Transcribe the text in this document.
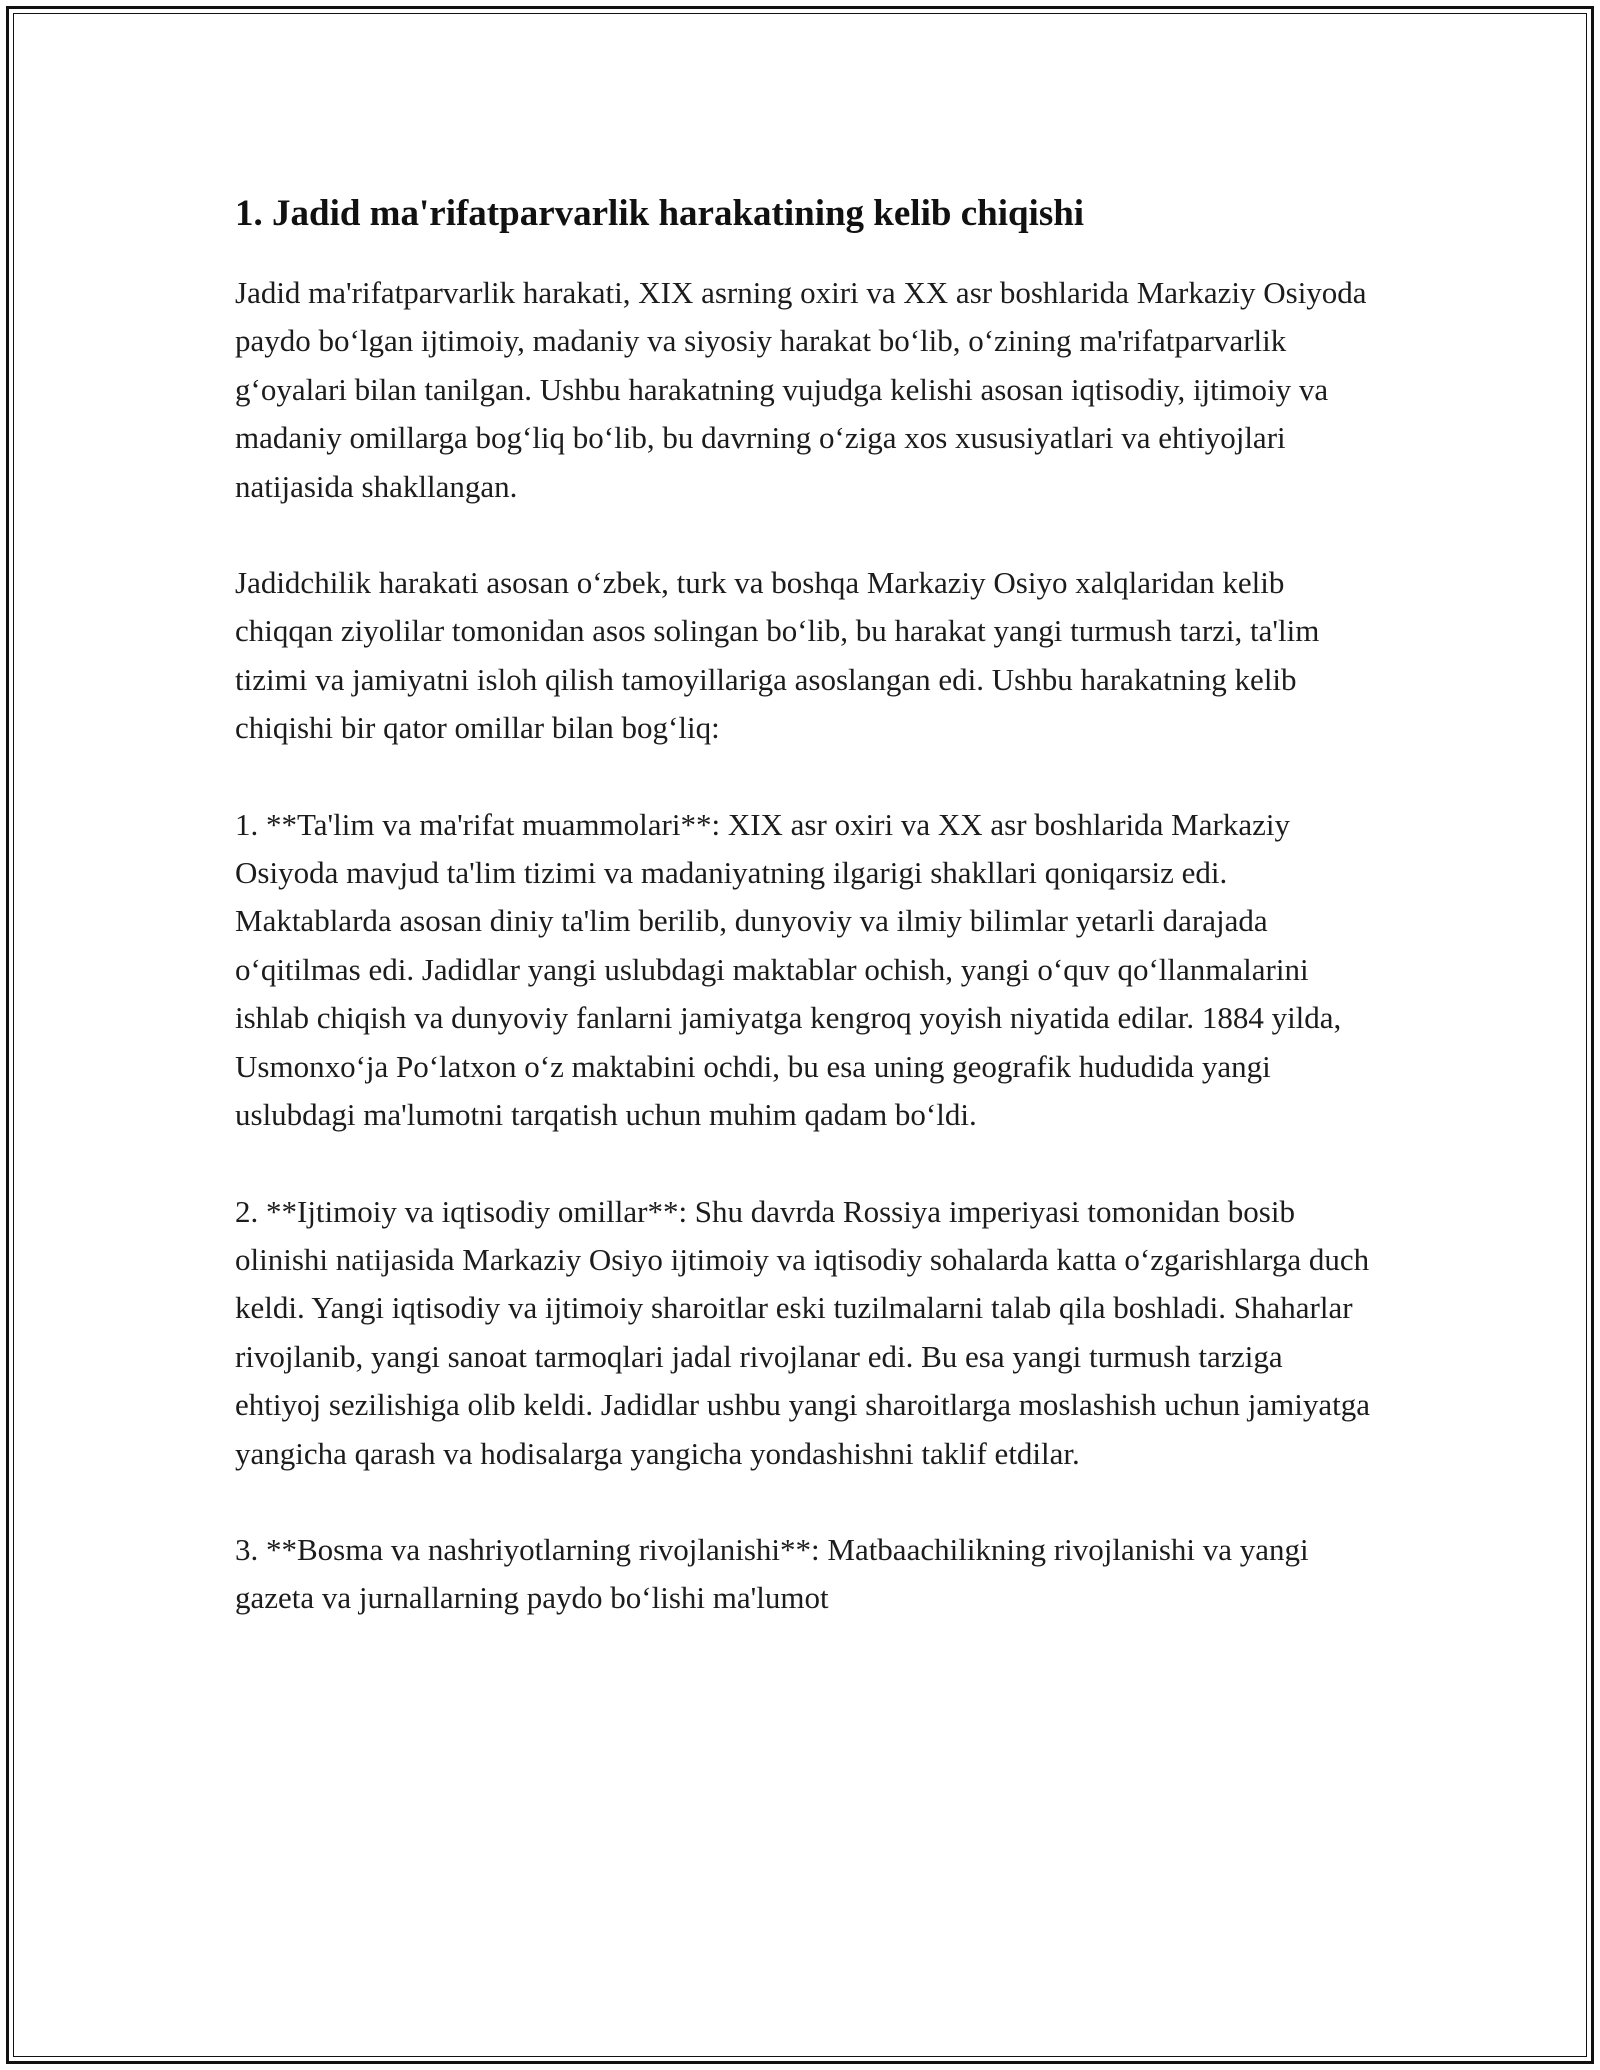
1. Jadid ma'rifatparvarlik harakatining kelib chiqishi

Jadid ma'rifatparvarlik harakati, XIX asrning oxiri va XX asr boshlarida Markaziy Osiyoda paydo bo‘lgan ijtimoiy, madaniy va siyosiy harakat bo‘lib, o‘zining ma'rifatparvarlik g‘oyalari bilan tanilgan. Ushbu harakatning vujudga kelishi asosan iqtisodiy, ijtimoiy va madaniy omillarga bog‘liq bo‘lib, bu davrning o‘ziga xos xususiyatlari va ehtiyojlari natijasida shakllangan.

Jadidchilik harakati asosan o‘zbek, turk va boshqa Markaziy Osiyo xalqlaridan kelib chiqqan ziyolilar tomonidan asos solingan bo‘lib, bu harakat yangi turmush tarzi, ta'lim tizimi va jamiyatni isloh qilish tamoyillariga asoslangan edi. Ushbu harakatning kelib chiqishi bir qator omillar bilan bog‘liq:

1. **Ta'lim va ma'rifat muammolari**: XIX asr oxiri va XX asr boshlarida Markaziy Osiyoda mavjud ta'lim tizimi va madaniyatning ilgarigi shakllari qoniqarsiz edi. Maktablarda asosan diniy ta'lim berilib, dunyoviy va ilmiy bilimlar yetarli darajada o‘qitilmas edi. Jadidlar yangi uslubdagi maktablar ochish, yangi o‘quv qo‘llanmalarini ishlab chiqish va dunyoviy fanlarni jamiyatga kengroq yoyish niyatida edilar. 1884 yilda, Usmonxo‘ja Po‘latxon o‘z maktabini ochdi, bu esa uning geografik hududida yangi uslubdagi ma'lumotni tarqatish uchun muhim qadam bo‘ldi.

2. **Ijtimoiy va iqtisodiy omillar**: Shu davrda Rossiya imperiyasi tomonidan bosib olinishi natijasida Markaziy Osiyo ijtimoiy va iqtisodiy sohalarda katta o‘zgarishlarga duch keldi. Yangi iqtisodiy va ijtimoiy sharoitlar eski tuzilmalarni talab qila boshladi. Shaharlar rivojlanib, yangi sanoat tarmoqlari jadal rivojlanar edi. Bu esa yangi turmush tarziga ehtiyoj sezilishiga olib keldi. Jadidlar ushbu yangi sharoitlarga moslashish uchun jamiyatga yangicha qarash va hodisalarga yangicha yondashishni taklif etdilar.

3. **Bosma va nashriyotlarning rivojlanishi**: Matbaachilikning rivojlanishi va yangi gazeta va jurnallarning paydo bo‘lishi ma'lumot
